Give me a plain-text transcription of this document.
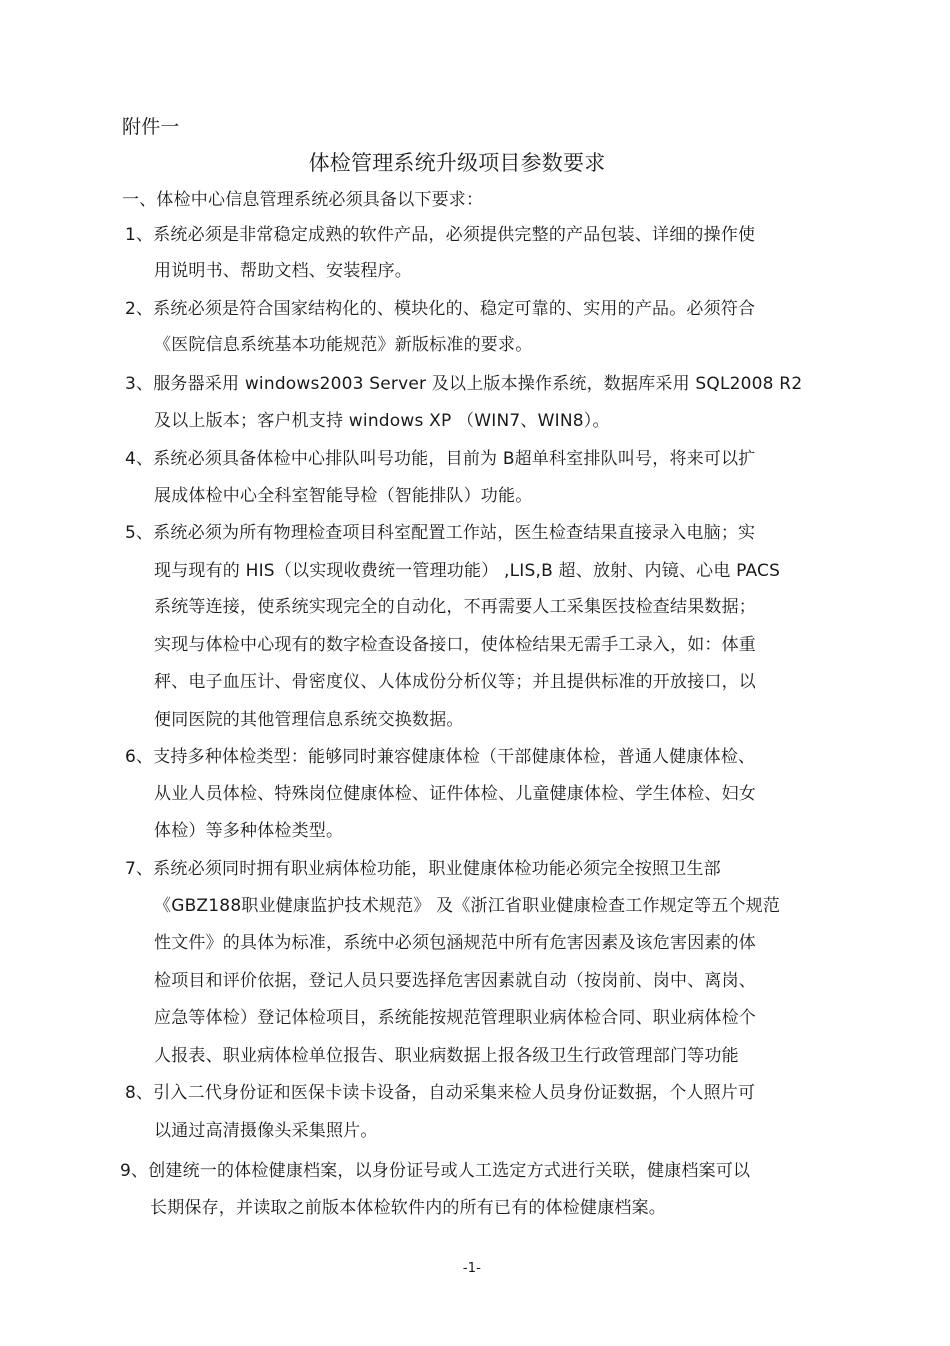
附件一
体检管理系统升级项目参数要求
一、体检中心信息管理系统必须具备以下要求：
1、系统必须是非常稳定成熟的软件产品，必须提供完整的产品包装、详细的操作使
用说明书、帮助文档、安装程序。
2、系统必须是符合国家结构化的、模块化的、稳定可靠的、实用的产品。必须符合
《医院信息系统基本功能规范》新版标准的要求。
3、服务器采用 windows2003 Server 及以上版本操作系统，数据库采用 SQL2008 R2
及以上版本；客户机支持 windows XP （WIN7、WIN8）。
4、系统必须具备体检中心排队叫号功能，目前为 B超单科室排队叫号，将来可以扩
展成体检中心全科室智能导检（智能排队）功能。
5、系统必须为所有物理检查项目科室配置工作站，医生检查结果直接录入电脑；实
现与现有的 HIS（以实现收费统一管理功能） ,LIS,B 超、放射、内镜、心电 PACS
系统等连接，使系统实现完全的自动化，不再需要人工采集医技检查结果数据；
实现与体检中心现有的数字检查设备接口，使体检结果无需手工录入，如：体重
秤、电子血压计、骨密度仪、人体成份分析仪等；并且提供标准的开放接口，以
便同医院的其他管理信息系统交换数据。
6、支持多种体检类型：能够同时兼容健康体检（干部健康体检，普通人健康体检、
从业人员体检、特殊岗位健康体检、证件体检、儿童健康体检、学生体检、妇女
体检）等多种体检类型。
7、系统必须同时拥有职业病体检功能，职业健康体检功能必须完全按照卫生部
《GBZ188职业健康监护技术规范》 及《浙江省职业健康检查工作规定等五个规范
性文件》的具体为标准，系统中必须包涵规范中所有危害因素及该危害因素的体
检项目和评价依据，登记人员只要选择危害因素就自动（按岗前、岗中、离岗、
应急等体检）登记体检项目，系统能按规范管理职业病体检合同、职业病体检个
人报表、职业病体检单位报告、职业病数据上报各级卫生行政管理部门等功能
8、引入二代身份证和医保卡读卡设备，自动采集来检人员身份证数据，个人照片可
以通过高清摄像头采集照片。
9、创建统一的体检健康档案，以身份证号或人工选定方式进行关联，健康档案可以
长期保存，并读取之前版本体检软件内的所有已有的体检健康档案。
-1-
